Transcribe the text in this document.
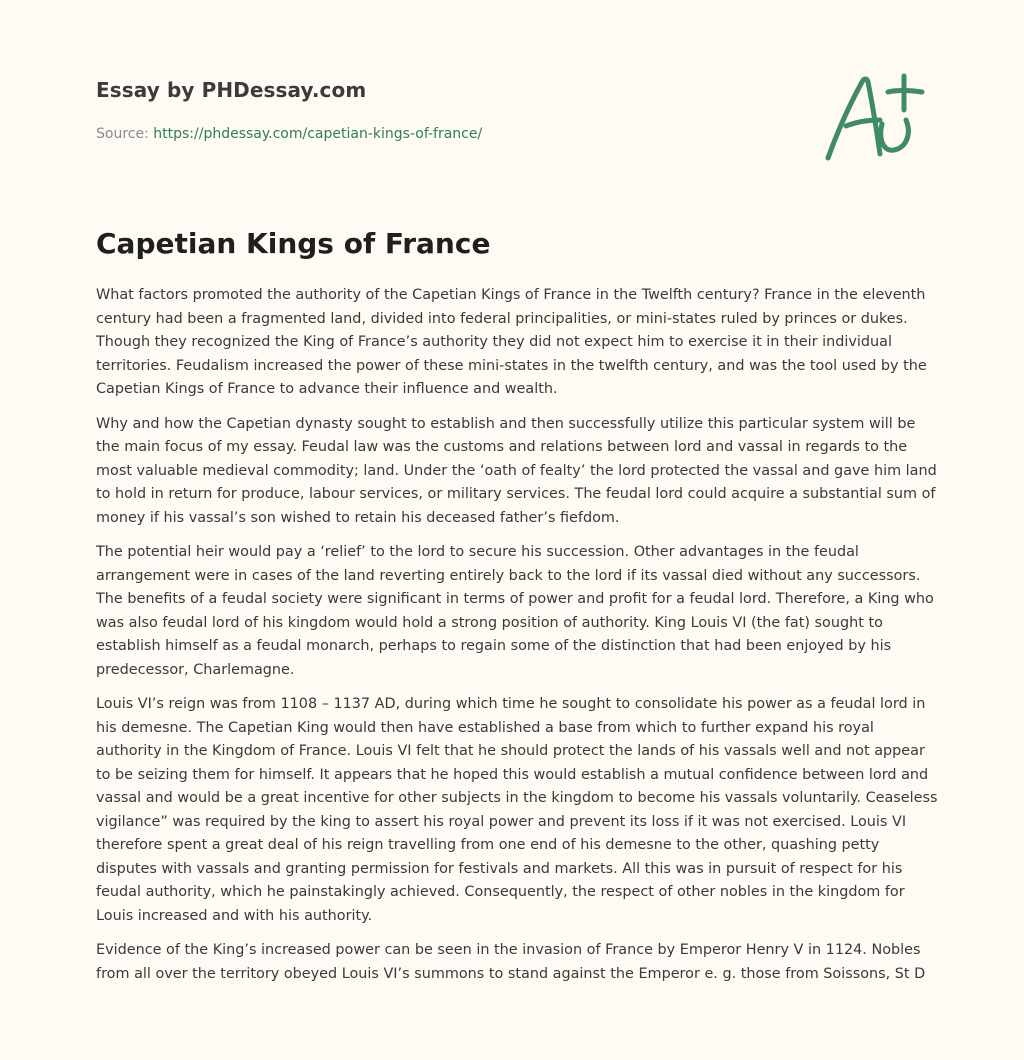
Essay by PHDessay.com
Source: https://phdessay.com/capetian-kings-of-france/
Capetian Kings of France

What factors promoted the authority of the Capetian Kings of France in the Twelfth century? France in the eleventh century had been a fragmented land, divided into federal principalities, or mini-states ruled by princes or dukes. Though they recognized the King of France’s authority they did not expect him to exercise it in their individual territories. Feudalism increased the power of these mini-states in the twelfth century, and was the tool used by the Capetian Kings of France to advance their influence and wealth.

Why and how the Capetian dynasty sought to establish and then successfully utilize this particular system will be the main focus of my essay. Feudal law was the customs and relations between lord and vassal in regards to the most valuable medieval commodity; land. Under the ‘oath of fealty’ the lord protected the vassal and gave him land to hold in return for produce, labour services, or military services. The feudal lord could acquire a substantial sum of money if his vassal’s son wished to retain his deceased father’s fiefdom.

The potential heir would pay a ‘relief’ to the lord to secure his succession. Other advantages in the feudal arrangement were in cases of the land reverting entirely back to the lord if its vassal died without any successors. The benefits of a feudal society were significant in terms of power and profit for a feudal lord. Therefore, a King who was also feudal lord of his kingdom would hold a strong position of authority. King Louis VI (the fat) sought to establish himself as a feudal monarch, perhaps to regain some of the distinction that had been enjoyed by his predecessor, Charlemagne.

Louis VI’s reign was from 1108 – 1137 AD, during which time he sought to consolidate his power as a feudal lord in his demesne. The Capetian King would then have established a base from which to further expand his royal authority in the Kingdom of France. Louis VI felt that he should protect the lands of his vassals well and not appear to be seizing them for himself. It appears that he hoped this would establish a mutual confidence between lord and vassal and would be a great incentive for other subjects in the kingdom to become his vassals voluntarily. Ceaseless vigilance” was required by the king to assert his royal power and prevent its loss if it was not exercised. Louis VI therefore spent a great deal of his reign travelling from one end of his demesne to the other, quashing petty disputes with vassals and granting permission for festivals and markets. All this was in pursuit of respect for his feudal authority, which he painstakingly achieved. Consequently, the respect of other nobles in the kingdom for Louis increased and with his authority.

Evidence of the King’s increased power can be seen in the invasion of France by Emperor Henry V in 1124. Nobles from all over the territory obeyed Louis VI’s summons to stand against the Emperor e. g. those from Soissons, St D
